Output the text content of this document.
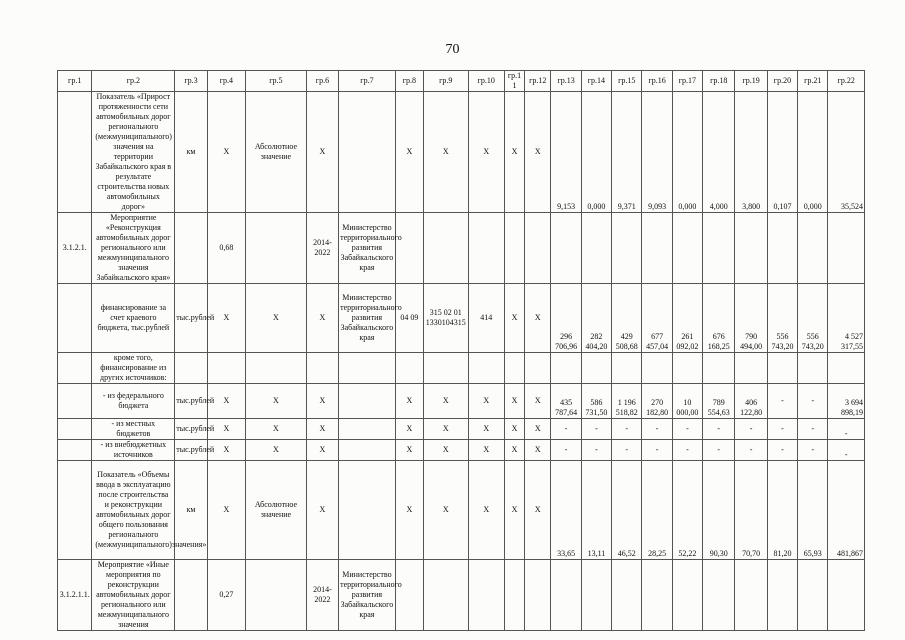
70
гр.1	гр.2	гр.3	гр.4	гр.5	гр.6	гр.7	гр.8	гр.9	гр.10	гр.1 1	гр.12	гр.13	гр.14	гр.15	гр.16	гр.17	гр.18	гр.19	гр.20	гр.21	гр.22
	Показатель «Прирост протяженности сети автомобильных дорог регионального (межмуниципального) значения на территории Забайкальского края в результате строительства новых автомобильных дорог»	км	X	Абсолютное значение	X		X	X	X	X	X	9,153	0,000	9,371	9,093	0,000	4,000	3,800	0,107	0,000	35,524
3.1.2.1.	Мероприятие «Реконструкция автомобильных дорог регионального или межмуниципального значения Забайкальского края»		0,68		2014-2022	Министерство территориального развития Забайкальского края															
	финансирование за счет краевого бюджета, тыс.рублей	тыс.рублей	X	X	X	Министерство территориального развития Забайкальского края	04 09	315 02 01 1330104315	414	X	X	296 706,96	282 404,20	429 508,68	677 457,04	261 092,02	676 168,25	790 494,00	556 743,20	556 743,20	4 527 317,55
	кроме того, финансирование из других источников:																				
	- из федерального бюджета	тыс.рублей	X	X	X		X	X	X	X	X	435 787,64	586 731,50	1 196 518,82	270 182,80	10 000,00	789 554,63	406 122,80	-	-	3 694 898,19
	- из местных бюджетов	тыс.рублей	X	X	X		X	X	X	X	X	-	-	-	-	-	-	-	-	-	-
	- из внебюджетных источников	тыс.рублей	X	X	X		X	X	X	X	X	-	-	-	-	-	-	-	-	-	-
	Показатель «Объемы ввода в эксплуатацию после строительства и реконструкции автомобильных дорог общего пользования регионального (межмуниципального)значения»	км	X	Абсолютное значение	X		X	X	X	X	X	33,65	13,11	46,52	28,25	52,22	90,30	70,70	81,20	65,93	481,867
3.1.2.1.1.	Мероприятие «Иные мероприятия по реконструкции автомобильных дорог регионального или межмуниципального значения		0,27		2014-2022	Министерство территориального развития Забайкальского края															
